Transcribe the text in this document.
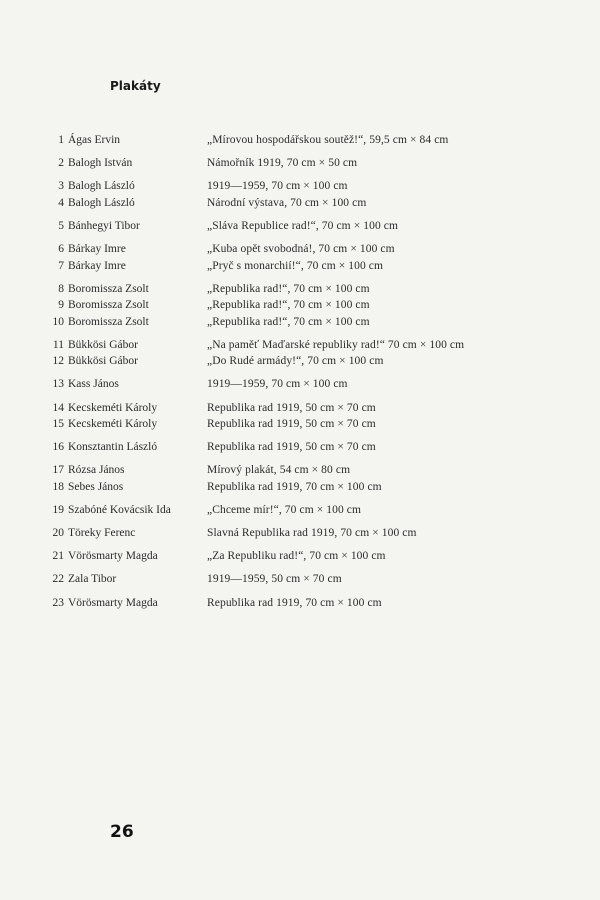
Plakáty
1 Ágas Ervin	„Mírovou hospodářskou soutěž!“, 59,5 cm × 84 cm
2 Balogh István	Námořník 1919, 70 cm × 50 cm
3 Balogh László	1919—1959, 70 cm × 100 cm
4 Balogh László	Národní výstava, 70 cm × 100 cm
5 Bánhegyi Tibor	„Sláva Republice rad!“, 70 cm × 100 cm
6 Bárkay Imre	„Kuba opět svobodná!, 70 cm × 100 cm
7 Bárkay Imre	„Pryč s monarchií!“, 70 cm × 100 cm
8 Boromissza Zsolt	„Republika rad!“, 70 cm × 100 cm
9 Boromissza Zsolt	„Republika rad!“, 70 cm × 100 cm
10 Boromissza Zsolt	„Republika rad!“, 70 cm × 100 cm
11 Bükkösi Gábor	„Na paměť Maďarské republiky rad!“ 70 cm × 100 cm
12 Bükkösi Gábor	„Do Rudé armády!“, 70 cm × 100 cm
13 Kass János	1919—1959, 70 cm × 100 cm
14 Kecskeméti Károly	Republika rad 1919, 50 cm × 70 cm
15 Kecskeméti Károly	Republika rad 1919, 50 cm × 70 cm
16 Konsztantin László	Republika rad 1919, 50 cm × 70 cm
17 Rózsa János	Mírový plakát, 54 cm × 80 cm
18 Sebes János	Republika rad 1919, 70 cm × 100 cm
19 Szabóné Kovácsik Ida	„Chceme mír!“, 70 cm × 100 cm
20 Töreky Ferenc	Slavná Republika rad 1919, 70 cm × 100 cm
21 Vörösmarty Magda	„Za Republiku rad!“, 70 cm × 100 cm
22 Zala Tibor	1919—1959, 50 cm × 70 cm
23 Vörösmarty Magda	Republika rad 1919, 70 cm × 100 cm
26
